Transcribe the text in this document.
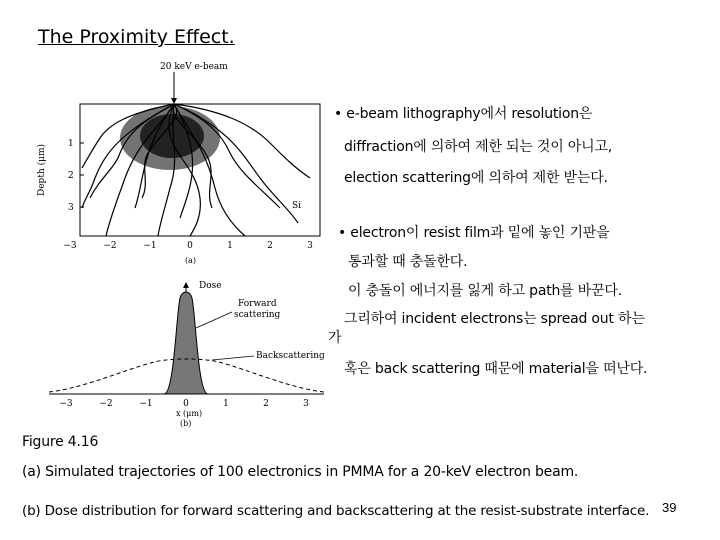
The Proximity Effect.
20 keV e-beam
Depth (μm)
1
2
3	Si
−3	−2	−1	0	1	2	3
(a)
Dose
Forward
scattering
Backscattering
−3	−2	−1	0	1	2	3
x (μm)
(b)
• e-beam lithography에서 resolution은
diffraction에 의하여 제한 되는 것이 아니고,
election scattering에 의하여 제한 받는다.
• electron이 resist film과 밑에 놓인 기판을
통과할 때 충돌한다.
이 충돌이 에너지를 잃게 하고 path를 바꾼다.
그리하여 incident electrons는 spread out 하는
가
혹은 back scattering 때문에 material을 떠난다.
Figure 4.16
(a) Simulated trajectories of 100 electronics in PMMA for a 20-keV electron beam.
(b) Dose distribution for forward scattering and backscattering at the resist-substrate interface. 39
